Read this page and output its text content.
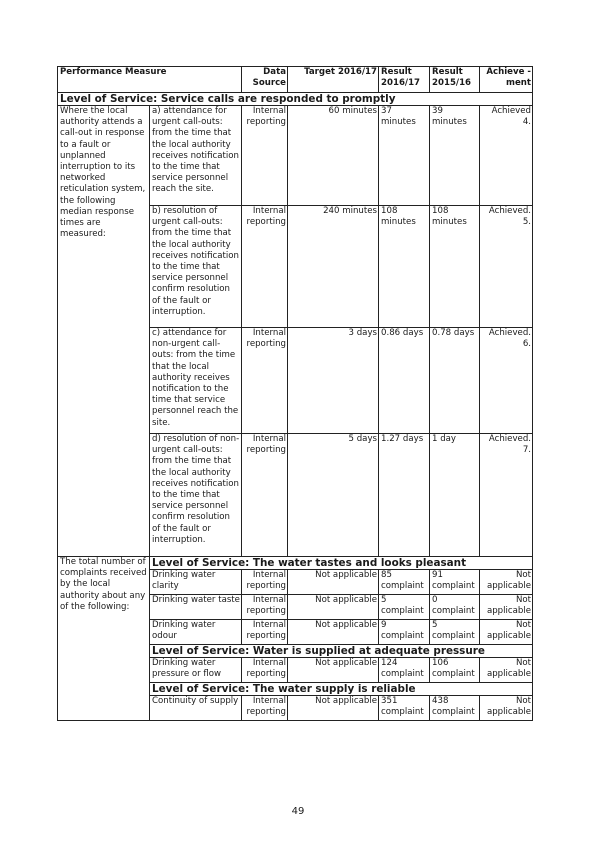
Performance Measure		Data Source	Target 2016/17	Result 2016/17	Result 2015/16	Achieve -ment
Level of Service: Service calls are responded to promptly						
Where the local authority attends a call-out in response to a fault or unplanned interruption to its networked reticulation system, the following median response times are measured:	a) attendance for urgent call-outs: from the time that the local authority receives notification to the time that service personnel reach the site.	Internal reporting	60 minutes	37 minutes	39 minutes	Achieved 4.
	b) resolution of urgent call-outs: from the time that the local authority receives notification to the time that service personnel confirm resolution of the fault or interruption.	Internal reporting	240 minutes	108 minutes	108 minutes	Achieved. 5.
	c) attendance for non-urgent call-outs: from the time that the local authority receives notification to the time that service personnel reach the site.	Internal reporting	3 days	0.86 days	0.78 days	Achieved. 6.
	d) resolution of non-urgent call-outs: from the time that the local authority receives notification to the time that service personnel confirm resolution of the fault or interruption.	Internal reporting	5 days	1.27 days	1 day	Achieved. 7.
The total number of complaints received by the local authority about any of the following:	Level of Service: The water tastes and looks pleasant					
	Drinking water clarity	Internal reporting	Not applicable	85 complaint	91 complaint	Not applicable
	Drinking water taste	Internal reporting	Not applicable	5 complaint	0 complaint	Not applicable
	Drinking water odour	Internal reporting	Not applicable	9 complaint	5 complaint	Not applicable
	Level of Service: Water is supplied at adequate pressure					
	Drinking water pressure or flow	Internal reporting	Not applicable	124 complaint	106 complaint	Not applicable
	Level of Service: The water supply is reliable					
	Continuity of supply	Internal reporting	Not applicable	351 complaint	438 complaint	Not applicable
49
